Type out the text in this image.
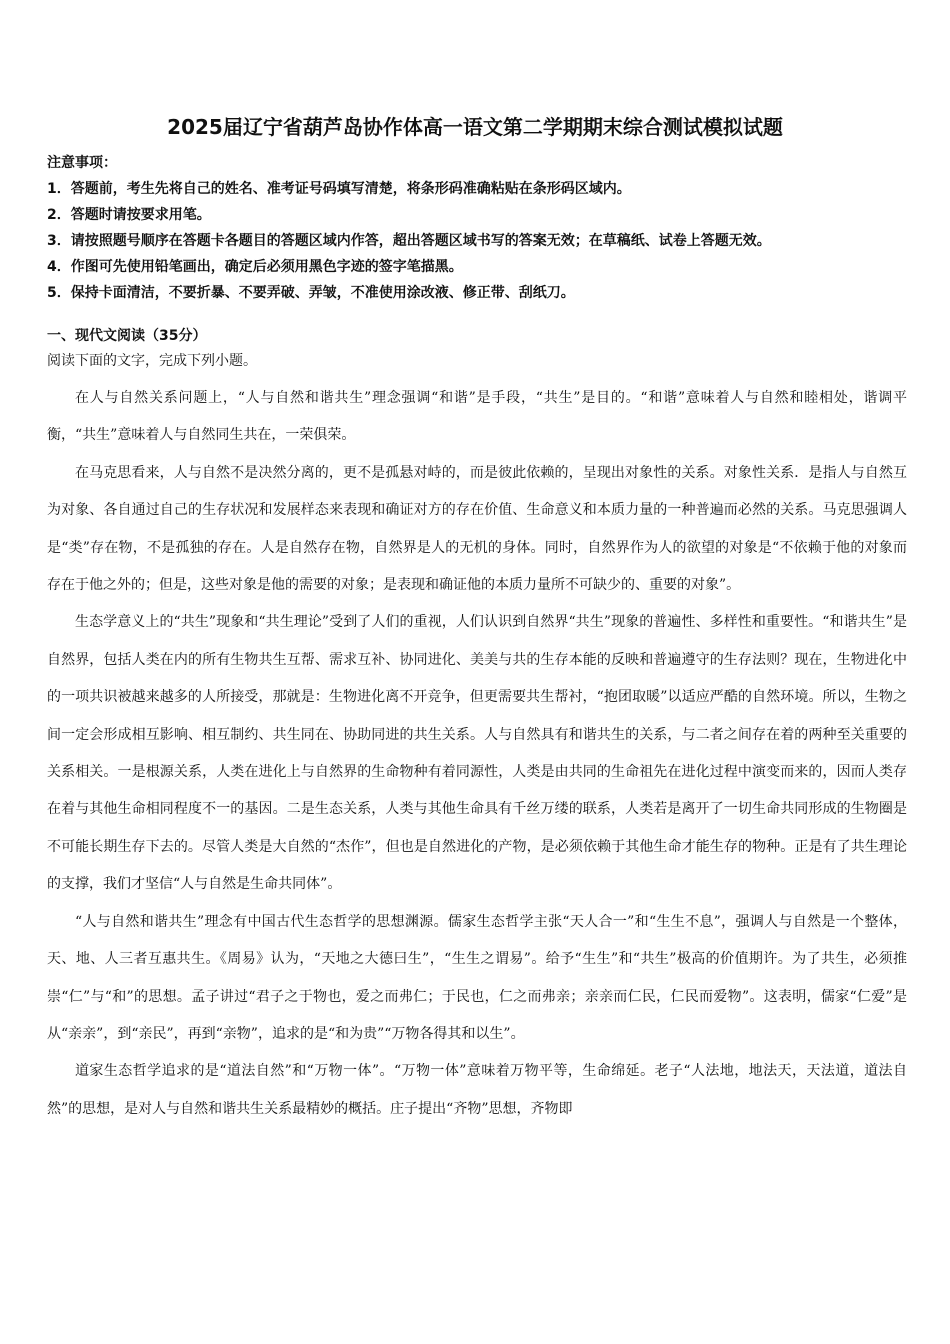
2025届辽宁省葫芦岛协作体高一语文第二学期期末综合测试模拟试题
注意事项：
1．答题前，考生先将自己的姓名、准考证号码填写清楚，将条形码准确粘贴在条形码区域内。
2．答题时请按要求用笔。
3．请按照题号顺序在答题卡各题目的答题区域内作答，超出答题区域书写的答案无效；在草稿纸、试卷上答题无效。
4．作图可先使用铅笔画出，确定后必须用黑色字迹的签字笔描黑。
5．保持卡面清洁，不要折暴、不要弄破、弄皱，不准使用涂改液、修正带、刮纸刀。
一、现代文阅读（35分）
阅读下面的文字，完成下列小题。

在人与自然关系问题上，“人与自然和谐共生”理念强调“和谐”是手段，“共生”是目的。“和谐”意味着人与自然和睦相处，谐调平衡，“共生”意味着人与自然同生共在，一荣俱荣。

在马克思看来，人与自然不是决然分离的，更不是孤悬对峙的，而是彼此依赖的，呈现出对象性的关系。对象性关系．是指人与自然互为对象、各自通过自己的生存状况和发展样态来表现和确证对方的存在价值、生命意义和本质力量的一种普遍而必然的关系。马克思强调人是“类”存在物，不是孤独的存在。人是自然存在物，自然界是人的无机的身体。同时，自然界作为人的欲望的对象是“不依赖于他的对象而存在于他之外的；但是，这些对象是他的需要的对象；是表现和确证他的本质力量所不可缺少的、重要的对象”。

生态学意义上的“共生”现象和“共生理论”受到了人们的重视，人们认识到自然界“共生”现象的普遍性、多样性和重要性。“和谐共生”是自然界，包括人类在内的所有生物共生互帮、需求互补、协同进化、美美与共的生存本能的反映和普遍遵守的生存法则？现在，生物进化中的一项共识被越来越多的人所接受，那就是：生物进化离不开竞争，但更需要共生帮衬，“抱团取暖”以适应严酷的自然环境。所以，生物之间一定会形成相互影响、相互制约、共生同在、协助同进的共生关系。人与自然具有和谐共生的关系，与二者之间存在着的两种至关重要的关系相关。一是根源关系，人类在进化上与自然界的生命物种有着同源性，人类是由共同的生命祖先在进化过程中演变而来的，因而人类存在着与其他生命相同程度不一的基因。二是生态关系，人类与其他生命具有千丝万缕的联系，人类若是离开了一切生命共同形成的生物圈是不可能长期生存下去的。尽管人类是大自然的“杰作”，但也是自然进化的产物，是必须依赖于其他生命才能生存的物种。正是有了共生理论的支撑，我们才坚信“人与自然是生命共同体”。

“人与自然和谐共生”理念有中国古代生态哲学的思想渊源。儒家生态哲学主张“天人合一”和“生生不息”，强调人与自然是一个整体，天、地、人三者互惠共生。《周易》认为，“天地之大德曰生”，“生生之谓易”。给予“生生”和“共生”极高的价值期许。为了共生，必须推崇“仁”与“和”的思想。孟子讲过“君子之于物也，爱之而弗仁；于民也，仁之而弗亲；亲亲而仁民，仁民而爱物”。这表明，儒家“仁爱”是从“亲亲”，到“亲民”，再到“亲物”，追求的是“和为贵”“万物各得其和以生”。

道家生态哲学追求的是“道法自然”和“万物一体”。“万物一体”意味着万物平等，生命绵延。老子“人法地，地法天，天法道，道法自然”的思想，是对人与自然和谐共生关系最精妙的概括。庄子提出“齐物”思想，齐物即
